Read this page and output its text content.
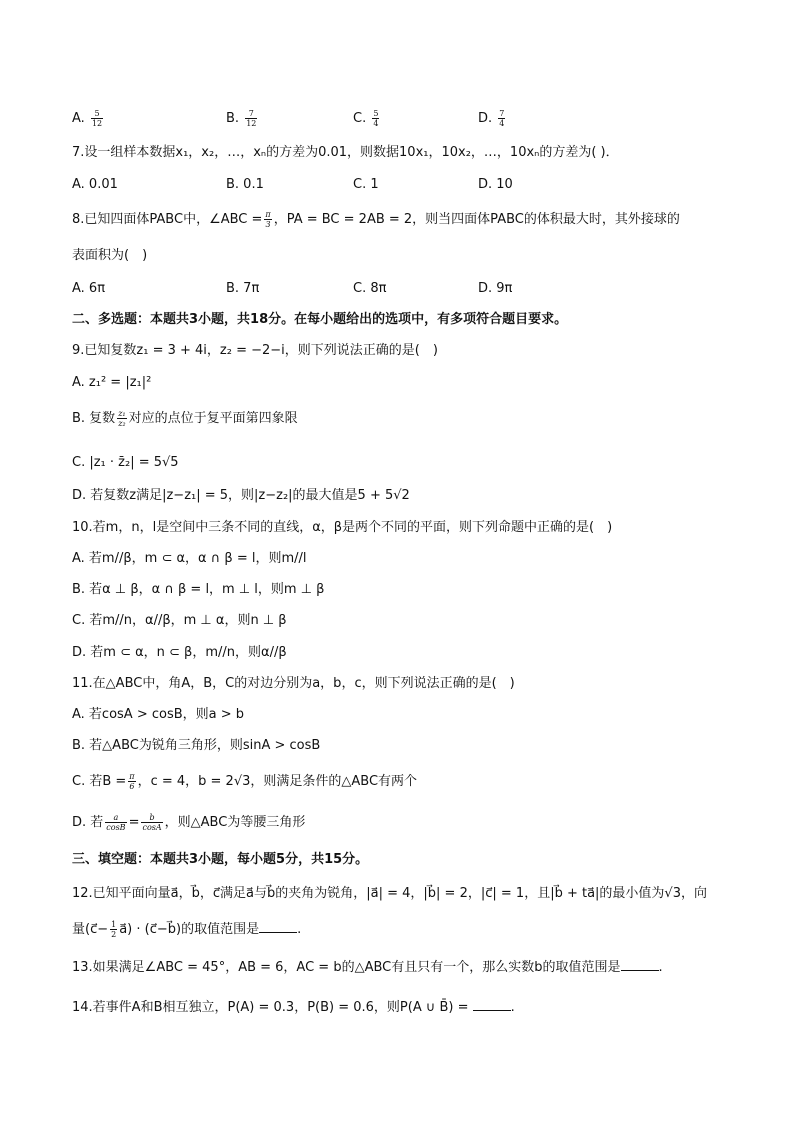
A. $\frac{5}{12}$	B. $\frac{7}{12}$	C. $\frac{5}{4}$	D. $\frac{7}{4}$
7.设一组样本数据x₁，x₂，…，xₙ的方差为0.01，则数据10x₁，10x₂，…，10xₙ的方差为( )．
A. 0.01	B. 0.1	C. 1	D. 10
8.已知四面体PABC中，∠ABC = $\frac{\pi}{3}$ ，PA = BC = 2AB = 2，则当四面体PABC的体积最大时，其外接球的
表面积为(　)
A. 6π	B. 7π	C. 8π	D. 9π
二、多选题：本题共3小题，共18分。在每小题给出的选项中，有多项符合题目要求。
9.已知复数z₁ = 3 + 4i，z₂ = −2−i，则下列说法正确的是(　)
A. z₁² = |z₁|²
B. 复数 $\frac{\text{z₁}}{\text{z₂}}$ 对应的点位于复平面第四象限
C. |z₁ · z̄₂| = 5√5
D. 若复数z满足|z−z₁| = 5，则|z−z₂|的最大值是5 + 5√2
10.若m，n，l是空间中三条不同的直线，α，β是两个不同的平面，则下列命题中正确的是(　)
A. 若m//β，m ⊂ α，α ∩ β = l，则m//l
B. 若α ⊥ β，α ∩ β = l，m ⊥ l，则m ⊥ β
C. 若m//n，α//β，m ⊥ α，则n ⊥ β
D. 若m ⊂ α，n ⊂ β，m//n，则α//β
11.在△ABC中，角A，B，C的对边分别为a，b，c，则下列说法正确的是(　)
A. 若cosA > cosB，则a > b
B. 若△ABC为锐角三角形，则sinA > cosB
C. 若$B = \frac{\pi}{6}$ ，c = 4，b = 2√3，则满足条件的△ABC有两个
D. 若 $\frac{a}{\cos B} = \frac{b}{\cos A}$ ，则△ABC为等腰三角形
三、填空题：本题共3小题，每小题5分，共15分。
12.已知平面向量a⃗，b⃗，c⃗满足a⃗与b⃗的夹角为锐角，|a⃗| = 4，|b⃗| = 2，|c⃗| = 1，且|b⃗ + ta⃗|的最小值为√3，向
量(c⃗− $\frac{1}{2}$ a⃗) · (c⃗−b⃗)的取值范围是	.
13.如果满足∠ABC = 45°，AB = 6，AC = b的△ABC有且只有一个，那么实数b的取值范围是	.
14.若事件A和B相互独立，P(A) = 0.3，P(B) = 0.6，则P(A ∪ B̄) =	.
